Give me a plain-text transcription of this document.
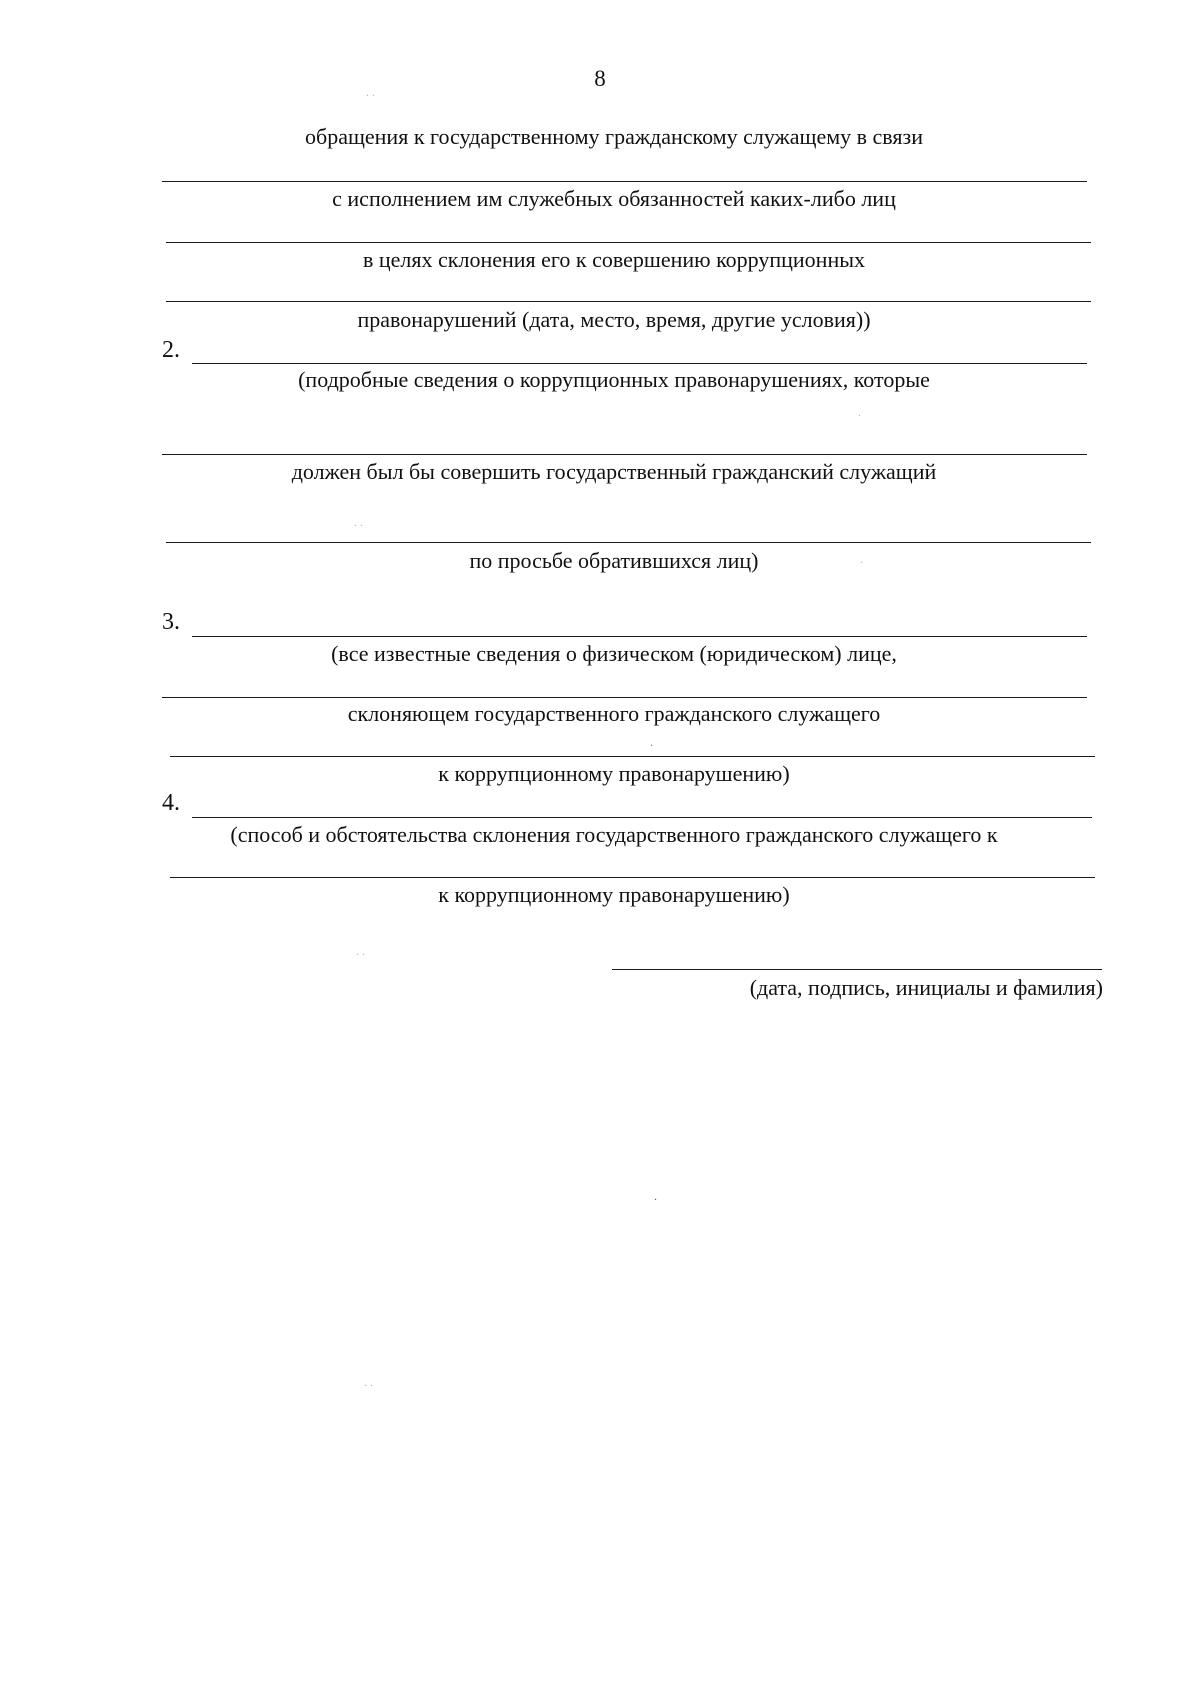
8
обращения к государственному гражданскому служащему в связи
с исполнением им служебных обязанностей каких-либо лиц
в целях склонения его к совершению коррупционных
правонарушений (дата, место, время, другие условия))
2.
(подробные сведения о коррупционных правонарушениях, которые
должен был бы совершить государственный гражданский служащий
по просьбе обратившихся лиц)
3.
(все известные сведения о физическом (юридическом) лице,
склоняющем государственного гражданского служащего
к коррупционному правонарушению)
4.
(способ и обстоятельства склонения государственного гражданского служащего к
к коррупционному правонарушению)
(дата, подпись, инициалы и фамилия)
. .
. .
. .
. .
.
.
.
.
